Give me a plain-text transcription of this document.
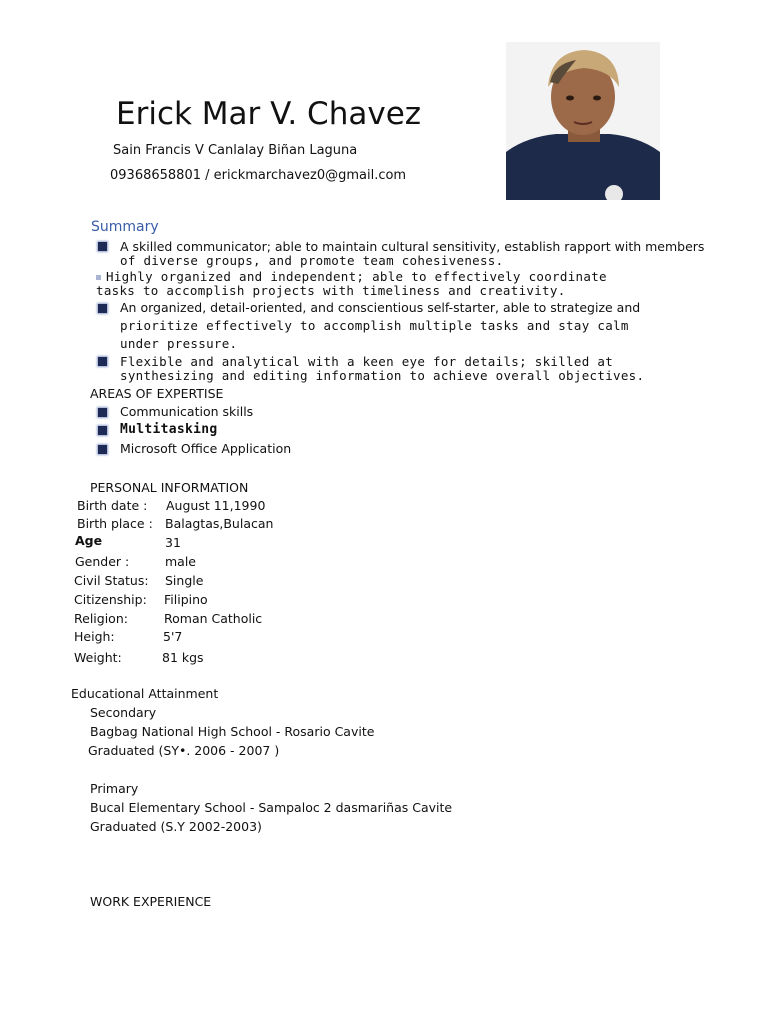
Erick Mar V. Chavez
Sain Francis V Canlalay Biñan Laguna
09368658801 / erickmarchavez0@gmail.com
Summary
A skilled communicator; able to maintain cultural sensitivity, establish rapport with members
of diverse groups, and promote team cohesiveness.
Highly organized and independent; able to effectively coordinate
tasks to accomplish projects with timeliness and creativity.
An organized, detail-oriented, and conscientious self-starter, able to strategize and
prioritize effectively to accomplish multiple tasks and stay calm
under pressure.
Flexible and analytical with a keen eye for details; skilled at
synthesizing and editing information to achieve overall objectives.
AREAS OF EXPERTISE
Communication skills
Multitasking
Microsoft Office Application
PERSONAL INFORMATION
Birth date : August 11,1990
Birth place : Balagtas,Bulacan
Age	31
Gender :	male
Civil Status: Single
Citizenship: Filipino
Religion:	Roman Catholic
Heigh:	5'7
Weight:	81 kgs
Educational Attainment
Secondary
Bagbag National High School - Rosario Cavite
Graduated (SY•. 2006 - 2007 )
Primary
Bucal Elementary School - Sampaloc 2 dasmariñas Cavite
Graduated (S.Y 2002-2003)
WORK EXPERIENCE
